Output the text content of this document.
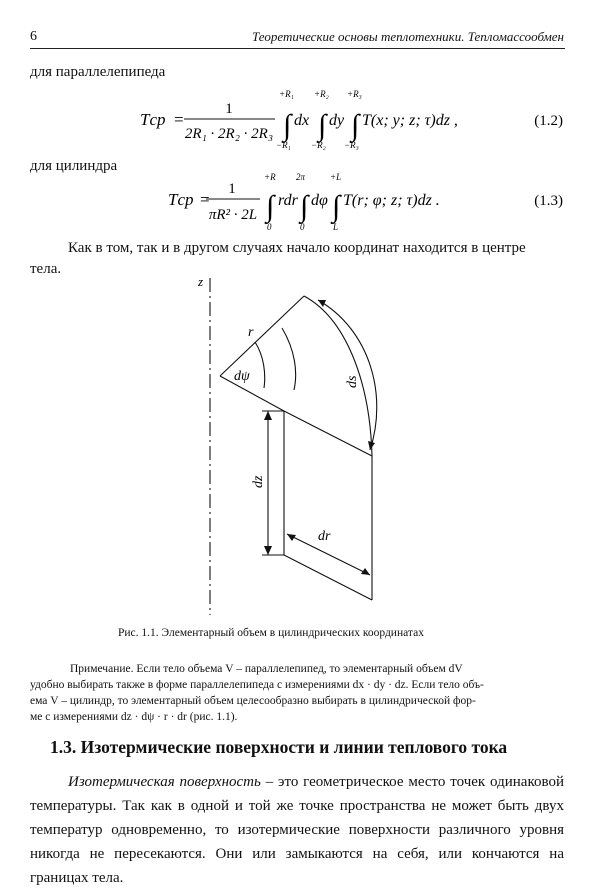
6	Теоретические основы теплотехники. Тепломассообмен
для параллелепипеда
Tср =
1
2R₁ · 2R₂ · 2R₃ ∫
+R₁
−R₁
dx ∫
+R₂
−R₂
dy ∫
+R₃
−R₃
T(x; y; z; τ)dz ,	(1.2)
для цилиндра
Tср =
1
πR² · 2L ∫
+R
0
rdr ∫
2π
0
dφ ∫
+L
L
T(r; φ; z; τ)dz .	(1.3)
Как в том, так и в другом случаях начало координат находится в центре
тела.
z
r
dψ	ds
dz
dr
Рис. 1.1. Элементарный объем в цилиндрических координатах

Примечание. Если тело объема V – параллелепипед, то элементарный объем dV

удобно выбирать также в форме параллелепипеда с измерениями dx · dy · dz. Если тело объ-

ема V – цилиндр, то элементарный объем целесообразно выбирать в цилиндрической фор-

ме с измерениями dz · dψ · r · dr (рис. 1.1).

1.3. Изотермические поверхности и линии теплового тока

Изотермическая поверхность – это геометрическое место точек одинаковой температуры. Так как в одной и той же точке пространства не может быть двух температур одновременно, то изотермические поверхности различного уровня никогда не пересекаются. Они или замыкаются на себя, или кончаются на границах тела.
